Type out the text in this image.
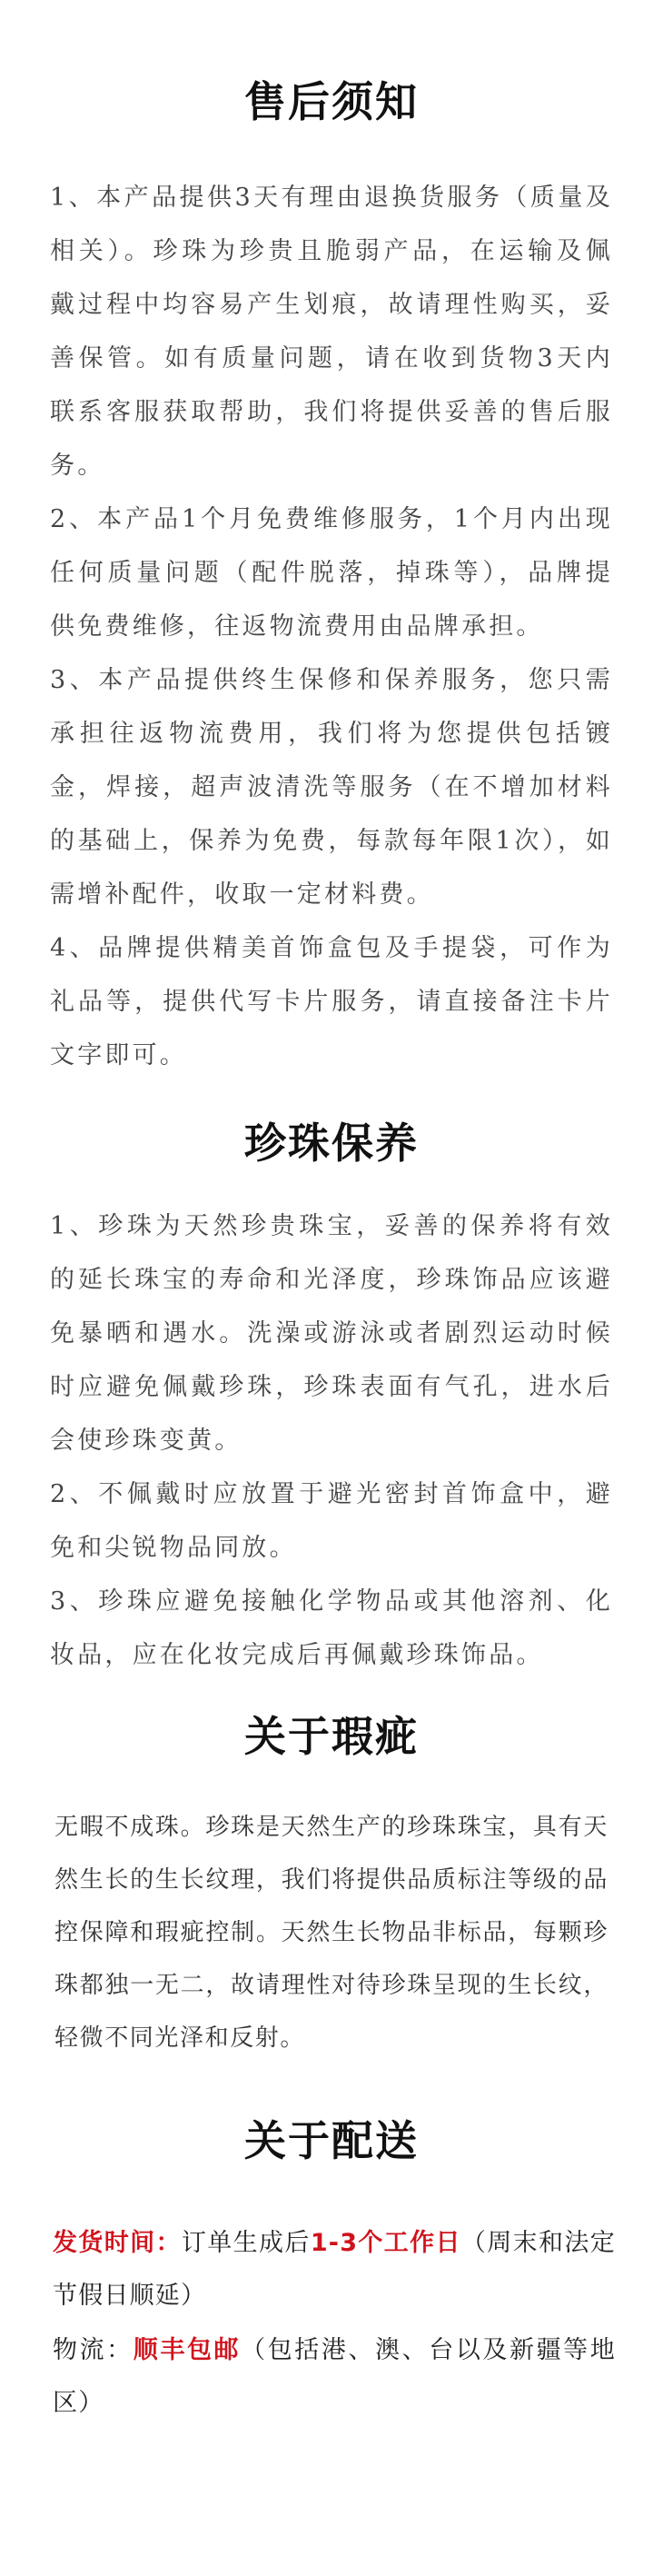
售后须知
1、本产品提供3天有理由退换货服务（质量及相关）。珍珠为珍贵且脆弱产品，在运输及佩戴过程中均容易产生划痕，故请理性购买，妥善保管。如有质量问题，请在收到货物3天内联系客服获取帮助，我们将提供妥善的售后服务。
2、本产品1个月免费维修服务，1个月内出现任何质量问题（配件脱落，掉珠等），品牌提供免费维修，往返物流费用由品牌承担。
3、本产品提供终生保修和保养服务，您只需承担往返物流费用，我们将为您提供包括镀金，焊接，超声波清洗等服务（在不增加材料的基础上，保养为免费，每款每年限1次），如需增补配件，收取一定材料费。
4、品牌提供精美首饰盒包及手提袋，可作为礼品等，提供代写卡片服务，请直接备注卡片文字即可。
珍珠保养
1、珍珠为天然珍贵珠宝，妥善的保养将有效的延长珠宝的寿命和光泽度，珍珠饰品应该避免暴晒和遇水。洗澡或游泳或者剧烈运动时候时应避免佩戴珍珠，珍珠表面有气孔，进水后会使珍珠变黄。
2、不佩戴时应放置于避光密封首饰盒中，避免和尖锐物品同放。
3、珍珠应避免接触化学物品或其他溶剂、化妆品，应在化妆完成后再佩戴珍珠饰品。
关于瑕疵
无暇不成珠。珍珠是天然生产的珍珠珠宝，具有天然生长的生长纹理，我们将提供品质标注等级的品控保障和瑕疵控制。天然生长物品非标品，每颗珍珠都独一无二，故请理性对待珍珠呈现的生长纹，轻微不同光泽和反射。
关于配送
发货时间：订单生成后1-3个工作日（周末和法定节假日顺延）
物流：顺丰包邮（包括港、澳、台以及新疆等地区）
